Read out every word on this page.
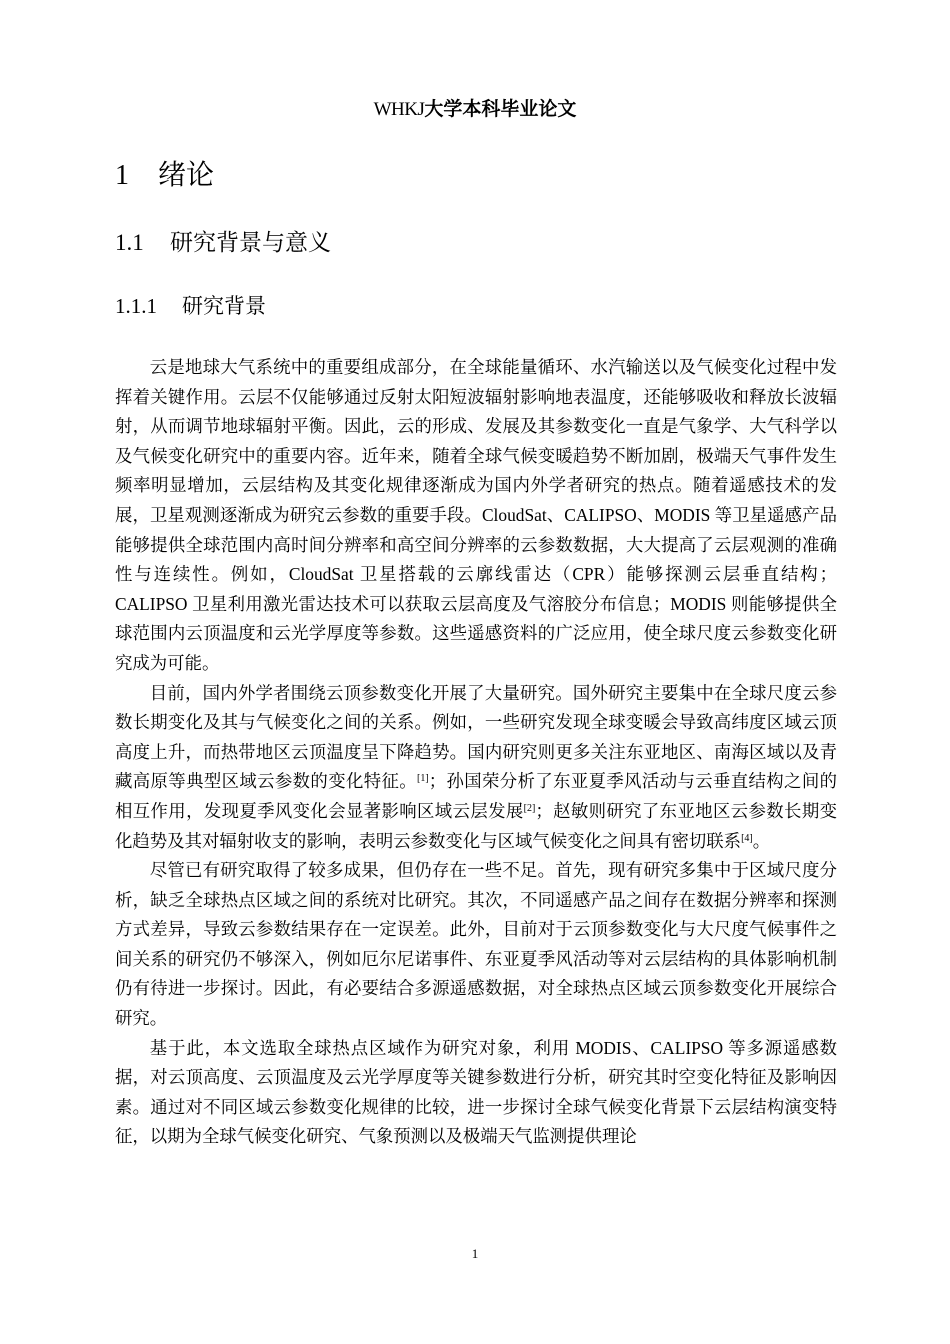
WHKJ大学本科毕业论文
1 绪论
1.1 研究背景与意义
1.1.1 研究背景

云是地球大气系统中的重要组成部分，在全球能量循环、水汽输送以及气候变化过程中发挥着关键作用。云层不仅能够通过反射太阳短波辐射影响地表温度，还能够吸收和释放长波辐射，从而调节地球辐射平衡。因此，云的形成、发展及其参数变化一直是气象学、大气科学以及气候变化研究中的重要内容。近年来，随着全球气候变暖趋势不断加剧，极端天气事件发生频率明显增加，云层结构及其变化规律逐渐成为国内外学者研究的热点。随着遥感技术的发展，卫星观测逐渐成为研究云参数的重要手段。CloudSat、CALIPSO、MODIS 等卫星遥感产品能够提供全球范围内高时间分辨率和高空间分辨率的云参数数据，大大提高了云层观测的准确性与连续性。例如，CloudSat 卫星搭载的云廓线雷达（CPR）能够探测云层垂直结构；CALIPSO 卫星利用激光雷达技术可以获取云层高度及气溶胶分布信息；MODIS 则能够提供全球范围内云顶温度和云光学厚度等参数。这些遥感资料的广泛应用，使全球尺度云参数变化研究成为可能。

目前，国内外学者围绕云顶参数变化开展了大量研究。国外研究主要集中在全球尺度云参数长期变化及其与气候变化之间的关系。例如，一些研究发现全球变暖会导致高纬度区域云顶高度上升，而热带地区云顶温度呈下降趋势。国内研究则更多关注东亚地区、南海区域以及青藏高原等典型区域云参数的变化特征。[1]；孙国荣分析了东亚夏季风活动与云垂直结构之间的相互作用，发现夏季风变化会显著影响区域云层发展[2]；赵敏则研究了东亚地区云参数长期变化趋势及其对辐射收支的影响，表明云参数变化与区域气候变化之间具有密切联系[4]。

尽管已有研究取得了较多成果，但仍存在一些不足。首先，现有研究多集中于区域尺度分析，缺乏全球热点区域之间的系统对比研究。其次，不同遥感产品之间存在数据分辨率和探测方式差异，导致云参数结果存在一定误差。此外，目前对于云顶参数变化与大尺度气候事件之间关系的研究仍不够深入，例如厄尔尼诺事件、东亚夏季风活动等对云层结构的具体影响机制仍有待进一步探讨。因此，有必要结合多源遥感数据，对全球热点区域云顶参数变化开展综合研究。

基于此，本文选取全球热点区域作为研究对象，利用 MODIS、CALIPSO 等多源遥感数据，对云顶高度、云顶温度及云光学厚度等关键参数进行分析，研究其时空变化特征及影响因素。通过对不同区域云参数变化规律的比较，进一步探讨全球气候变化背景下云层结构演变特征，以期为全球气候变化研究、气象预测以及极端天气监测提供理论

1
